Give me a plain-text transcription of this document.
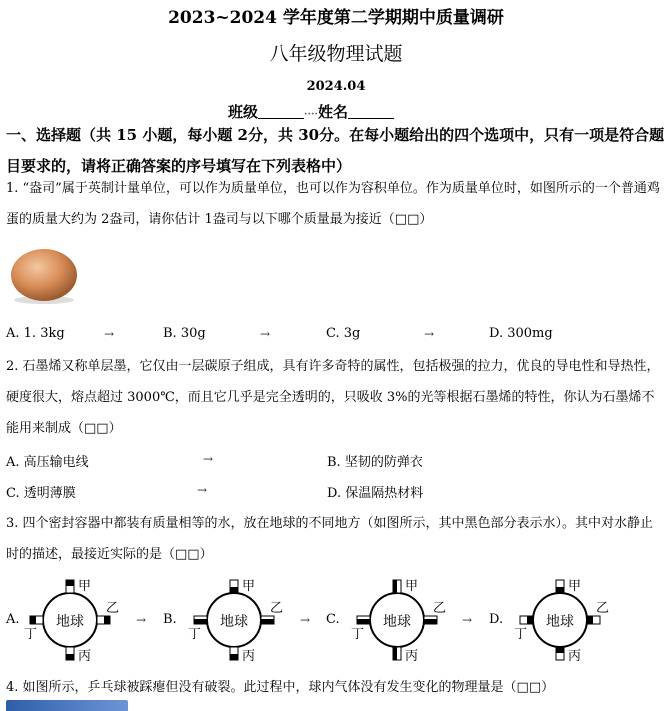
2023~2024 学年度第二学期期中质量调研
八年级物理试题
2024.04
班级	····姓名
一、选择题（共 15 小题，每小题 2分，共 30分。在每小题给出的四个选项中，只有一项是符合题目要求的，请将正确答案的序号填写在下列表格中）
1. “盎司”属于英制计量单位，可以作为质量单位，也可以作为容积单位。作为质量单位时，如图所示的一个普通鸡蛋的质量大约为 2盎司，请你估计 1盎司与以下哪个质量最为接近（□□）
A. 1. 3kg	B. 30g	C. 3g	D. 300mg
→	→	→
2. 石墨烯又称单层墨，它仅由一层碳原子组成，具有许多奇特的属性，包括极强的拉力，优良的导电性和导热性，硬度很大，熔点超过 3000℃，而且它几乎是完全透明的，只吸收 3%的光等根据石墨烯的特性，你认为石墨烯不能用来制成（□□）
A. 高压输电线	B. 坚韧的防弹衣
C. 透明薄膜	D. 保温隔热材料
→
→
3. 四个密封容器中都装有质量相等的水，放在地球的不同地方（如图所示，其中黑色部分表示水）。其中对水静止时的描述，最接近实际的是（□□）
A.	B.	C.	D.
→	→	→
地球
甲
乙
丁
丙
地球
甲
乙
丁
丙
地球
甲
乙
丁
丙
地球
甲
乙
丁
丙
4. 如图所示，乒乓球被踩瘪但没有破裂。此过程中，球内气体没有发生变化的物理量是（□□）
